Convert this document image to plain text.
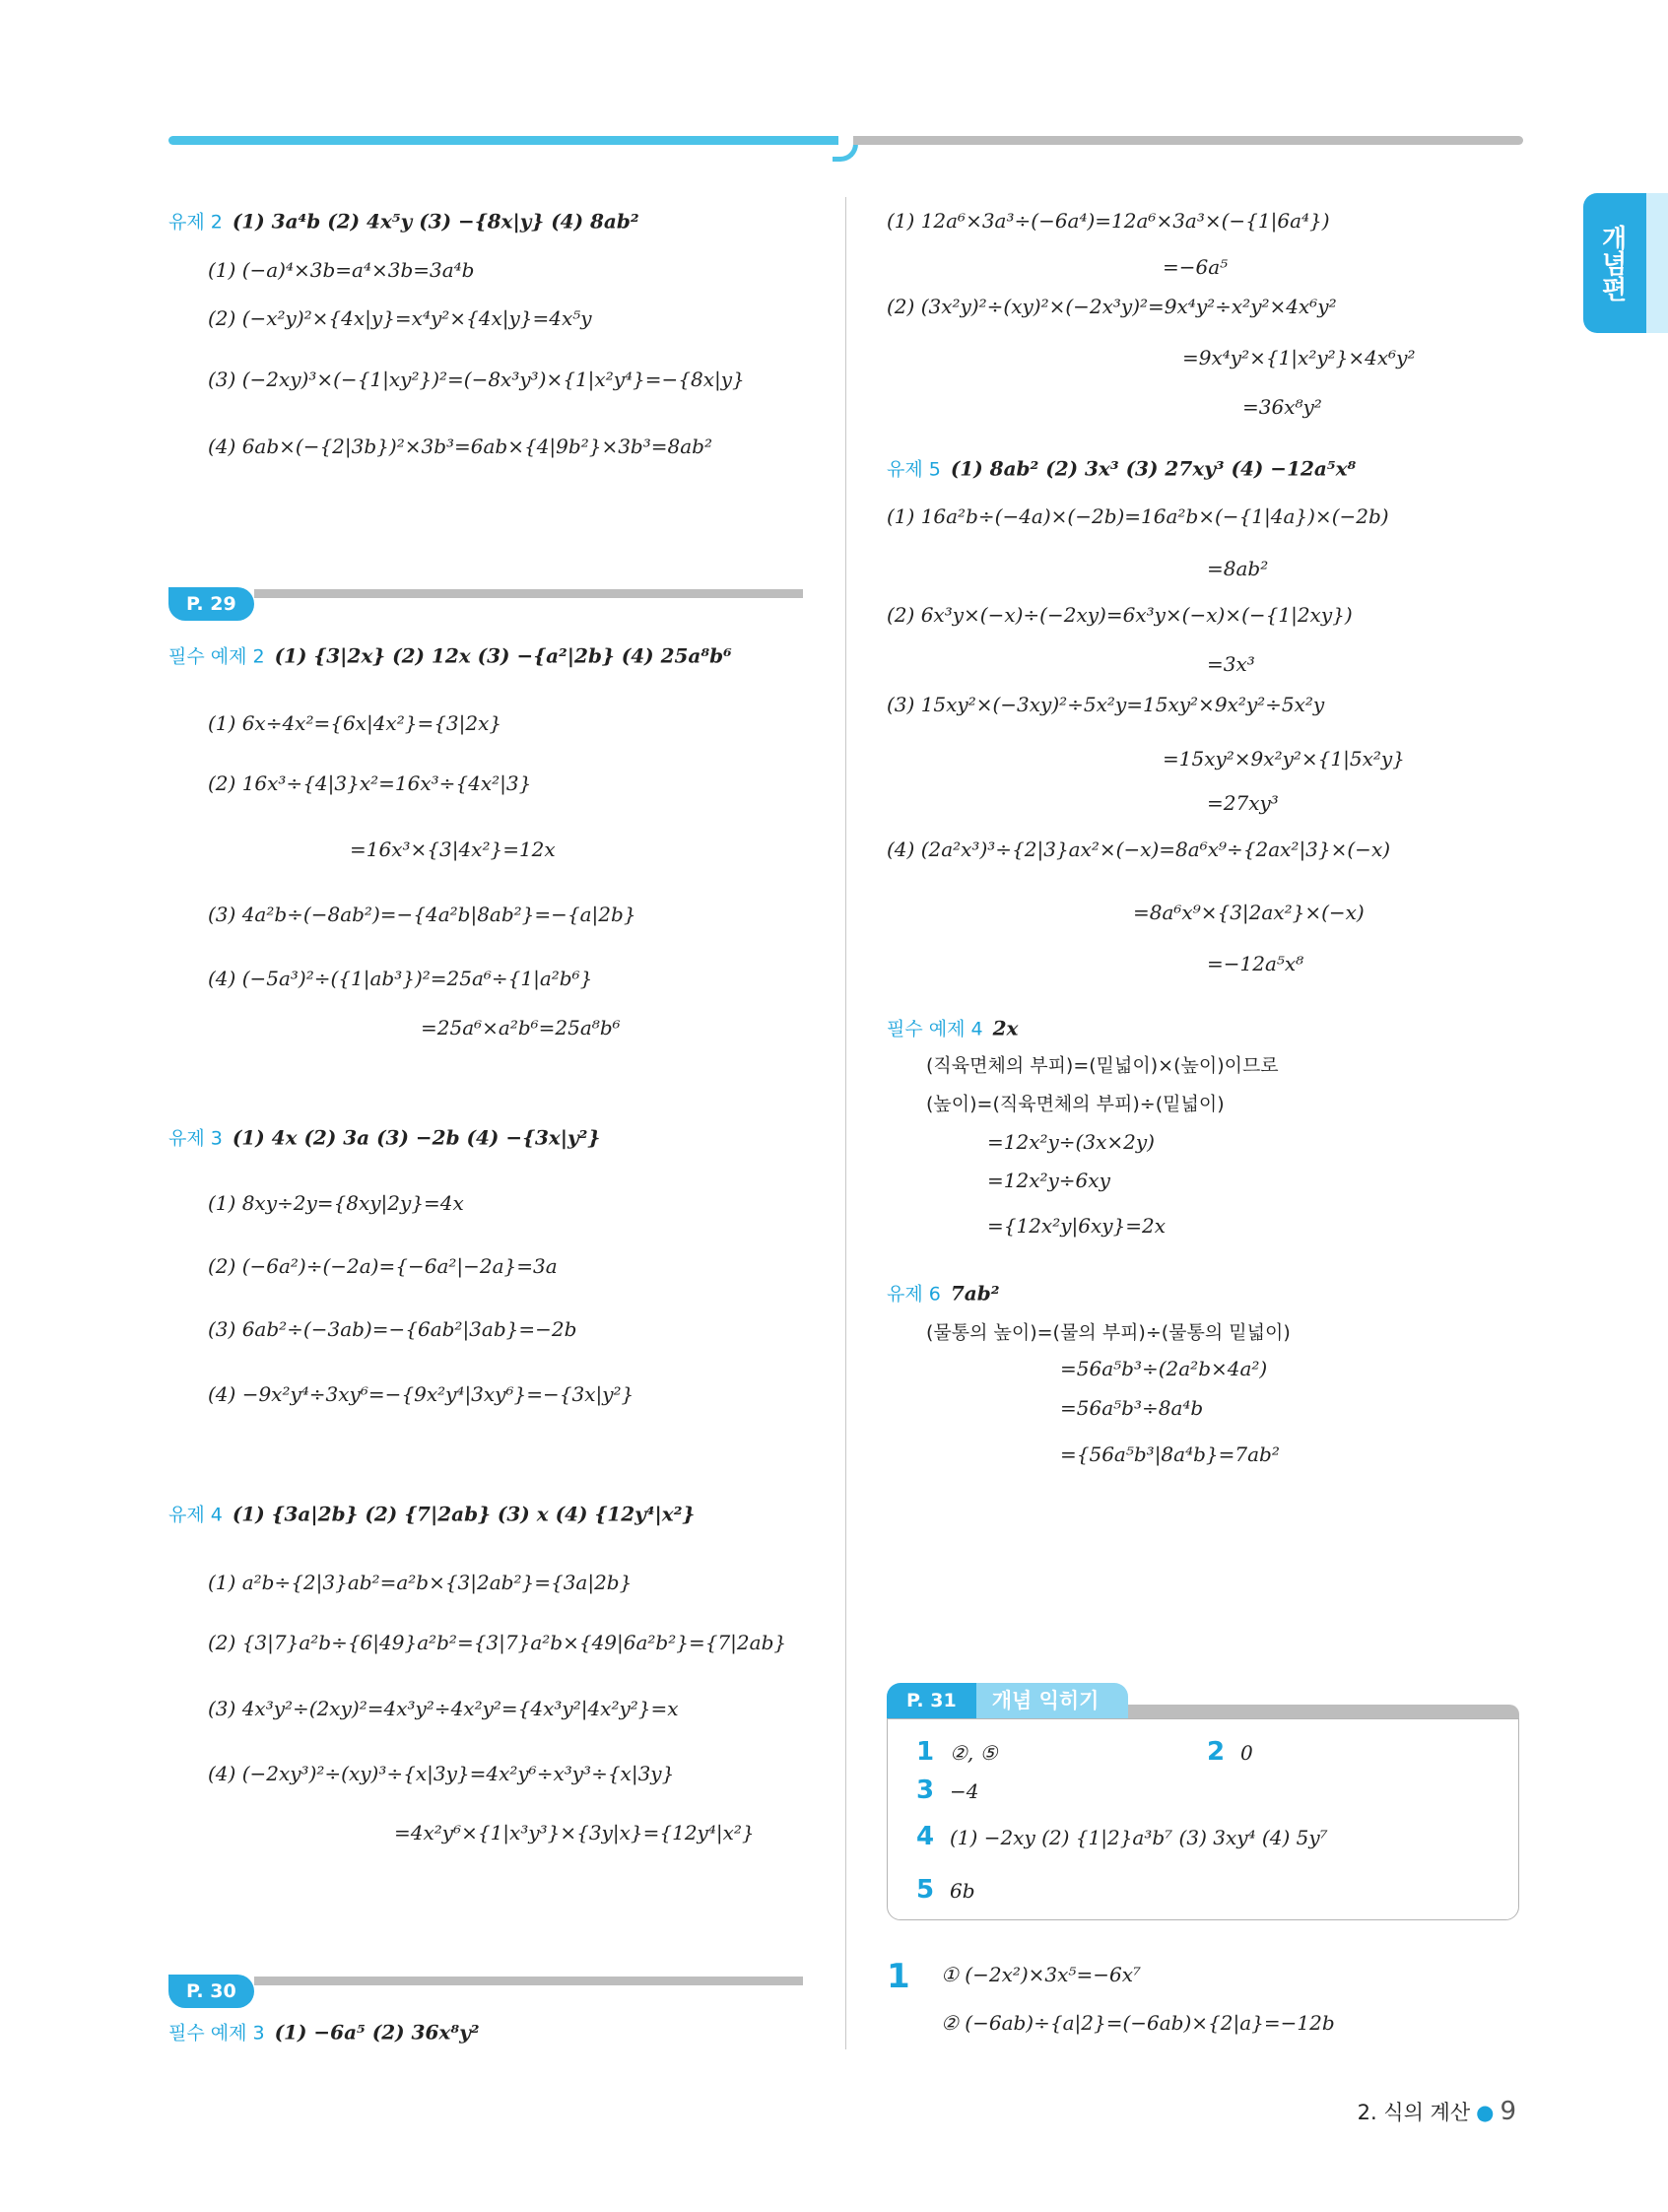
개념편
유제 2 (1) 3a⁴b (2) 4x⁵y (3) −{8x|y} (4) 8ab²
(1) (−a)⁴×3b=a⁴×3b=3a⁴b
(2) (−x²y)²×{4x|y}=x⁴y²×{4x|y}=4x⁵y
(3) (−2xy)³×(−{1|xy²})²=(−8x³y³)×{1|x²y⁴}=−{8x|y}
(4) 6ab×(−{2|3b})²×3b³=6ab×{4|9b²}×3b³=8ab²
P. 29
필수 예제 2 (1) {3|2x} (2) 12x (3) −{a²|2b} (4) 25a⁸b⁶
(1) 6x÷4x²={6x|4x²}={3|2x}
(2) 16x³÷{4|3}x²=16x³÷{4x²|3}
=16x³×{3|4x²}=12x
(3) 4a²b÷(−8ab²)=−{4a²b|8ab²}=−{a|2b}
(4) (−5a³)²÷({1|ab³})²=25a⁶÷{1|a²b⁶}
=25a⁶×a²b⁶=25a⁸b⁶
유제 3 (1) 4x (2) 3a (3) −2b (4) −{3x|y²}
(1) 8xy÷2y={8xy|2y}=4x
(2) (−6a²)÷(−2a)={−6a²|−2a}=3a
(3) 6ab²÷(−3ab)=−{6ab²|3ab}=−2b
(4) −9x²y⁴÷3xy⁶=−{9x²y⁴|3xy⁶}=−{3x|y²}
유제 4 (1) {3a|2b} (2) {7|2ab} (3) x (4) {12y⁴|x²}
(1) a²b÷{2|3}ab²=a²b×{3|2ab²}={3a|2b}
(2) {3|7}a²b÷{6|49}a²b²={3|7}a²b×{49|6a²b²}={7|2ab}
(3) 4x³y²÷(2xy)²=4x³y²÷4x²y²={4x³y²|4x²y²}=x
(4) (−2xy³)²÷(xy)³÷{x|3y}=4x²y⁶÷x³y³÷{x|3y}
=4x²y⁶×{1|x³y³}×{3y|x}={12y⁴|x²}
P. 30
필수 예제 3 (1) −6a⁵ (2) 36x⁸y²
(1) 12a⁶×3a³÷(−6a⁴)=12a⁶×3a³×(−{1|6a⁴})
=−6a⁵
(2) (3x²y)²÷(xy)²×(−2x³y)²=9x⁴y²÷x²y²×4x⁶y²
=9x⁴y²×{1|x²y²}×4x⁶y²
=36x⁸y²
유제 5 (1) 8ab² (2) 3x³ (3) 27xy³ (4) −12a⁵x⁸
(1) 16a²b÷(−4a)×(−2b)=16a²b×(−{1|4a})×(−2b)
=8ab²
(2) 6x³y×(−x)÷(−2xy)=6x³y×(−x)×(−{1|2xy})
=3x³
(3) 15xy²×(−3xy)²÷5x²y=15xy²×9x²y²÷5x²y
=15xy²×9x²y²×{1|5x²y}
=27xy³
(4) (2a²x³)³÷{2|3}ax²×(−x)=8a⁶x⁹÷{2ax²|3}×(−x)
=8a⁶x⁹×{3|2ax²}×(−x)
=−12a⁵x⁸
필수 예제 4 2x
(직육면체의 부피)=(밑넓이)×(높이)이므로
(높이)=(직육면체의 부피)÷(밑넓이)
=12x²y÷(3x×2y)
=12x²y÷6xy
={12x²y|6xy}=2x
유제 6 7ab²
(물통의 높이)=(물의 부피)÷(물통의 밑넓이)
=56a⁵b³÷(2a²b×4a²)
=56a⁵b³÷8a⁴b
={56a⁵b³|8a⁴b}=7ab²
P. 31	개념 익히기
1 ②, ⑤	2 0
3 −4
4 (1) −2xy (2) {1|2}a³b⁷ (3) 3xy⁴ (4) 5y⁷
5 6b
1	① (−2x²)×3x⁵=−6x⁷
② (−6ab)÷{a|2}=(−6ab)×{2|a}=−12b
2. 식의 계산 ● 9
